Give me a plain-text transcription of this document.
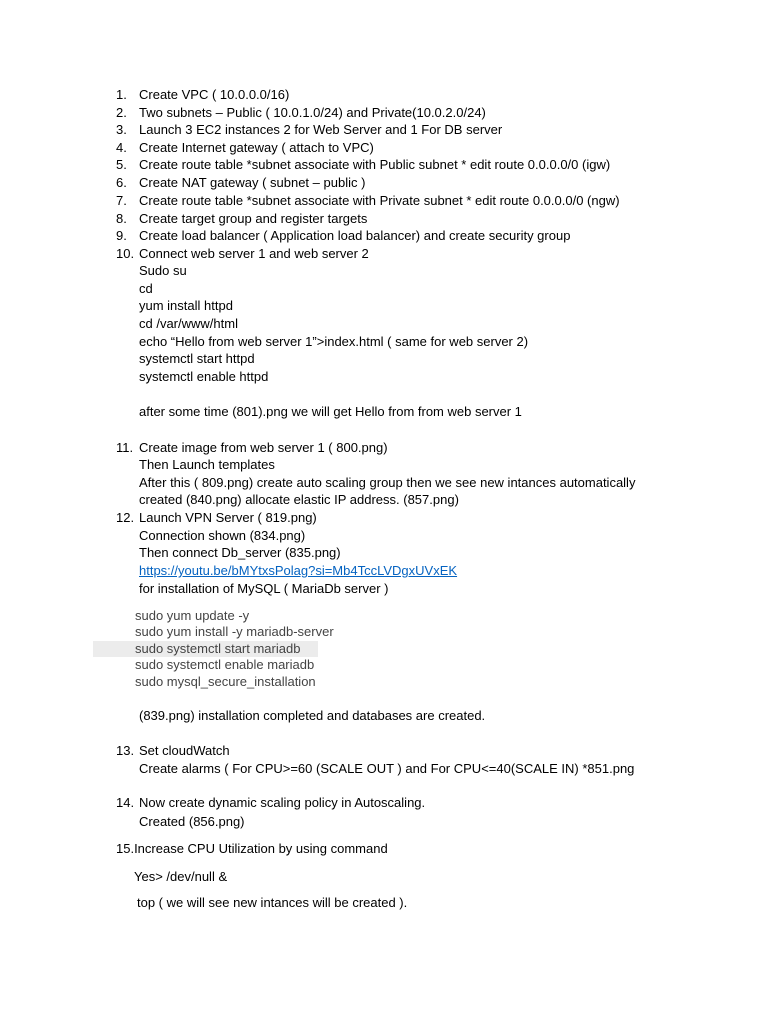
1. Create VPC ( 10.0.0.0/16)
2. Two subnets – Public ( 10.0.1.0/24) and Private(10.0.2.0/24)
3. Launch 3 EC2 instances 2 for Web Server and 1 For DB server
4. Create Internet gateway ( attach to VPC)
5. Create route table *subnet associate with Public subnet * edit route 0.0.0.0/0 (igw)
6. Create NAT gateway ( subnet – public )
7. Create route table *subnet associate with Private subnet * edit route 0.0.0.0/0 (ngw)
8. Create target group and register targets
9. Create load balancer ( Application load balancer) and create security group
10. Connect web server 1 and web server 2
Sudo su
cd
yum install httpd
cd /var/www/html
echo “Hello from web server 1”>index.html ( same for web server 2)
systemctl start httpd
systemctl enable httpd
after some time (801).png we will get Hello from from web server 1
11. Create image from web server 1 ( 800.png)
Then Launch templates
After this ( 809.png) create auto scaling group then we see new intances automatically
created (840.png) allocate elastic IP address. (857.png)
12. Launch VPN Server ( 819.png)
Connection shown (834.png)
Then connect Db_server (835.png)
https://youtu.be/bMYtxsPolag?si=Mb4TccLVDgxUVxEK
for installation of MySQL ( MariaDb server )
sudo yum update -y
sudo yum install -y mariadb-server
sudo systemctl start mariadb
sudo systemctl enable mariadb
sudo mysql_secure_installation
(839.png) installation completed and databases are created.
13. Set cloudWatch
Create alarms ( For CPU>=60 (SCALE OUT ) and For CPU<=40(SCALE IN) *851.png
14. Now create dynamic scaling policy in Autoscaling.
Created (856.png)
15.Increase CPU Utilization by using command
Yes> /dev/null &
top ( we will see new intances will be created ).
